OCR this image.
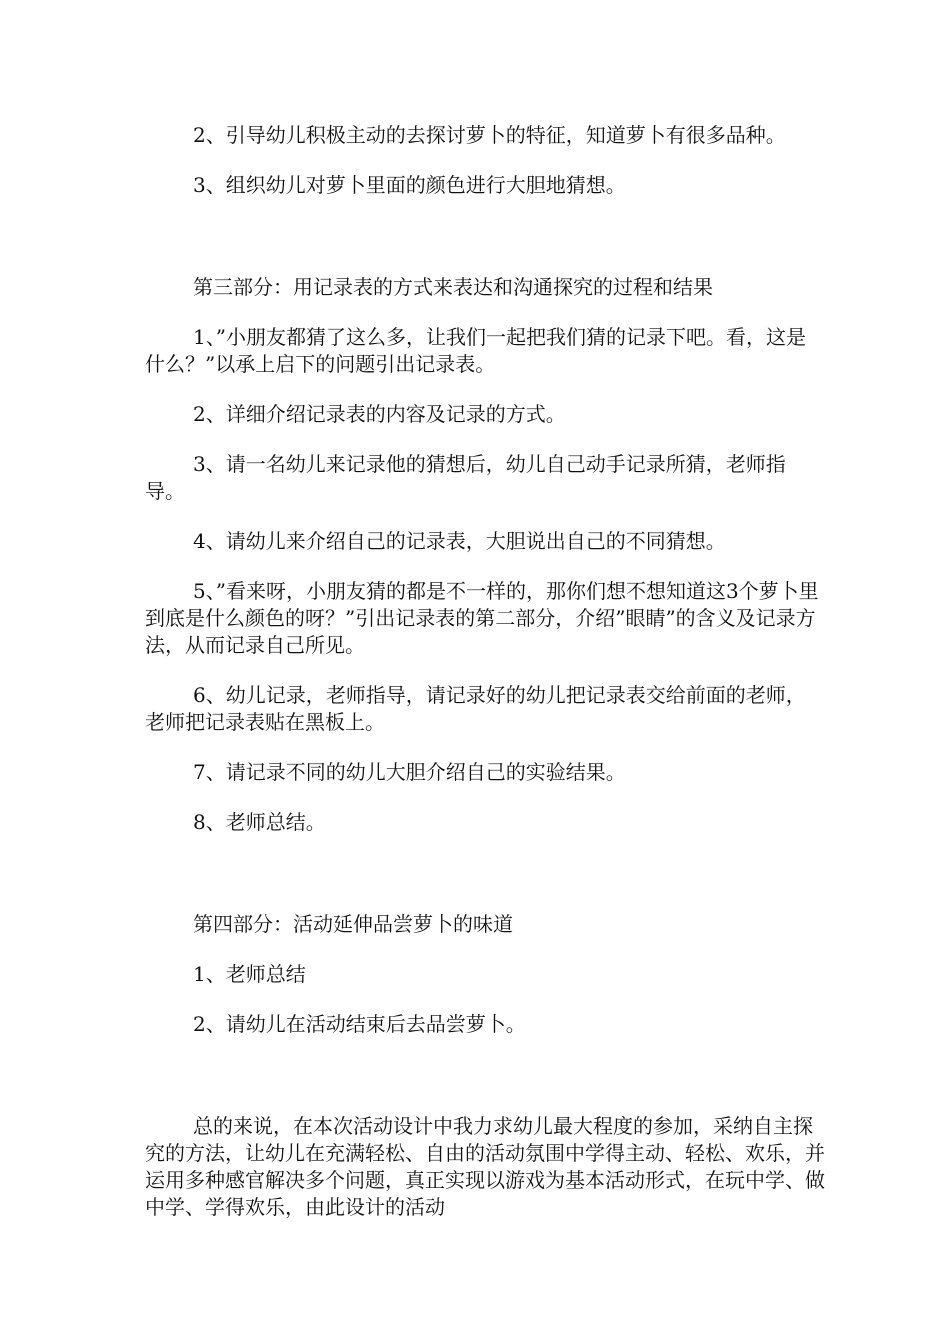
2、引导幼儿积极主动的去探讨萝卜的特征，知道萝卜有很多品种。

3、组织幼儿对萝卜里面的颜色进行大胆地猜想。

第三部分：用记录表的方式来表达和沟通探究的过程和结果

1、”小朋友都猜了这么多，让我们一起把我们猜的记录下吧。看，这是什么？”以承上启下的问题引出记录表。

2、详细介绍记录表的内容及记录的方式。

3、请一名幼儿来记录他的猜想后，幼儿自己动手记录所猜，老师指导。

4、请幼儿来介绍自己的记录表，大胆说出自己的不同猜想。

5、”看来呀，小朋友猜的都是不一样的，那你们想不想知道这3个萝卜里到底是什么颜色的呀？”引出记录表的第二部分，介绍”眼睛”的含义及记录方法，从而记录自己所见。

6、幼儿记录，老师指导，请记录好的幼儿把记录表交给前面的老师，老师把记录表贴在黑板上。

7、请记录不同的幼儿大胆介绍自己的实验结果。

8、老师总结。

第四部分：活动延伸品尝萝卜的味道

1、老师总结

2、请幼儿在活动结束后去品尝萝卜。

总的来说，在本次活动设计中我力求幼儿最大程度的参加，采纳自主探究的方法，让幼儿在充满轻松、自由的活动氛围中学得主动、轻松、欢乐，并运用多种感官解决多个问题，真正实现以游戏为基本活动形式，在玩中学、做中学、学得欢乐，由此设计的活动
